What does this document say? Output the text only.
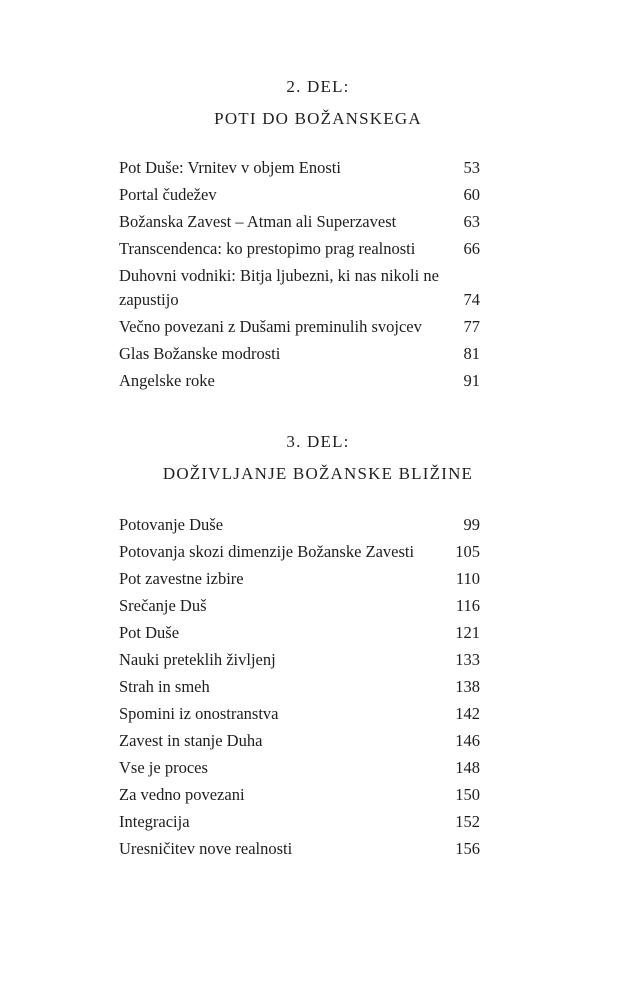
2. DEL:
POTI DO BOŽANSKEGA
Pot Duše: Vrnitev v objem Enosti	53
Portal čudežev	60
Božanska Zavest – Atman ali Superzavest	63
Transcendenca: ko prestopimo prag realnosti	66
Duhovni vodniki: Bitja ljubezni, ki nas nikoli ne zapustijo	74
Večno povezani z Dušami preminulih svojcev	77
Glas Božanske modrosti	81
Angelske roke	91
3. DEL:
DOŽIVLJANJE BOŽANSKE BLIŽINE
Potovanje Duše	99
Potovanja skozi dimenzije Božanske Zavesti	105
Pot zavestne izbire	110
Srečanje Duš	116
Pot Duše	121
Nauki preteklih življenj	133
Strah in smeh	138
Spomini iz onostranstva	142
Zavest in stanje Duha	146
Vse je proces	148
Za vedno povezani	150
Integracija	152
Uresničitev nove realnosti	156
